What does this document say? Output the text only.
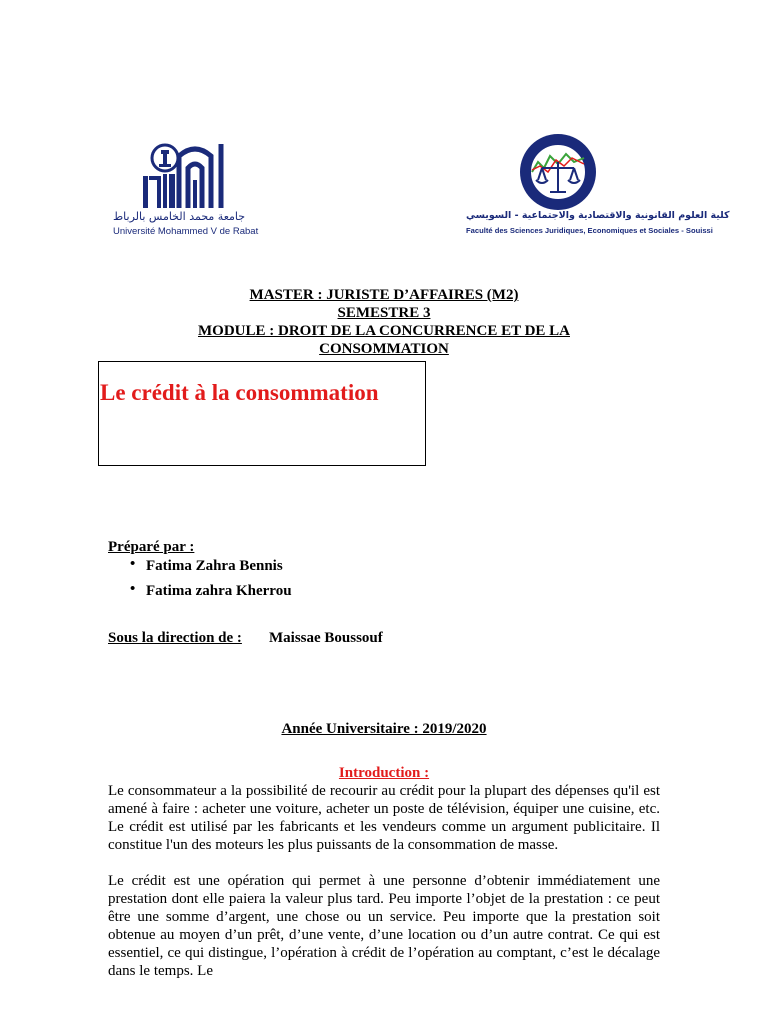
جامعة محمد الخامس بالرباط
Université Mohammed V de Rabat
كلية العلوم القانونية والاقتصادية والاجتماعية - السويسي
Faculté des Sciences Juridiques, Economiques et Sociales - Souissi
MASTER : JURISTE D’AFFAIRES (M2)
SEMESTRE 3
MODULE : DROIT DE LA CONCURRENCE ET DE LA
CONSOMMATION
Le crédit à la consommation
Préparé par :
• Fatima Zahra Bennis
• Fatima zahra Kherrou
Sous la direction de : Maissae Boussouf
Année Universitaire : 2019/2020
Introduction :
Le consommateur a la possibilité de recourir au crédit pour la plupart des dépenses qu'il est amené à faire : acheter une voiture, acheter un poste de télévision, équiper une cuisine, etc. Le crédit est utilisé par les fabricants et les vendeurs comme un argument publicitaire. Il constitue l'un des moteurs les plus puissants de la consommation de masse.
Le crédit est une opération qui permet à une personne d’obtenir immédiatement une prestation dont elle paiera la valeur plus tard. Peu importe l’objet de la prestation : ce peut être une somme d’argent, une chose ou un service. Peu importe que la prestation soit obtenue au moyen d’un prêt, d’une vente, d’une location ou d’un autre contrat. Ce qui est essentiel, ce qui distingue, l’opération à crédit de l’opération au comptant, c’est le décalage dans le temps. Le
